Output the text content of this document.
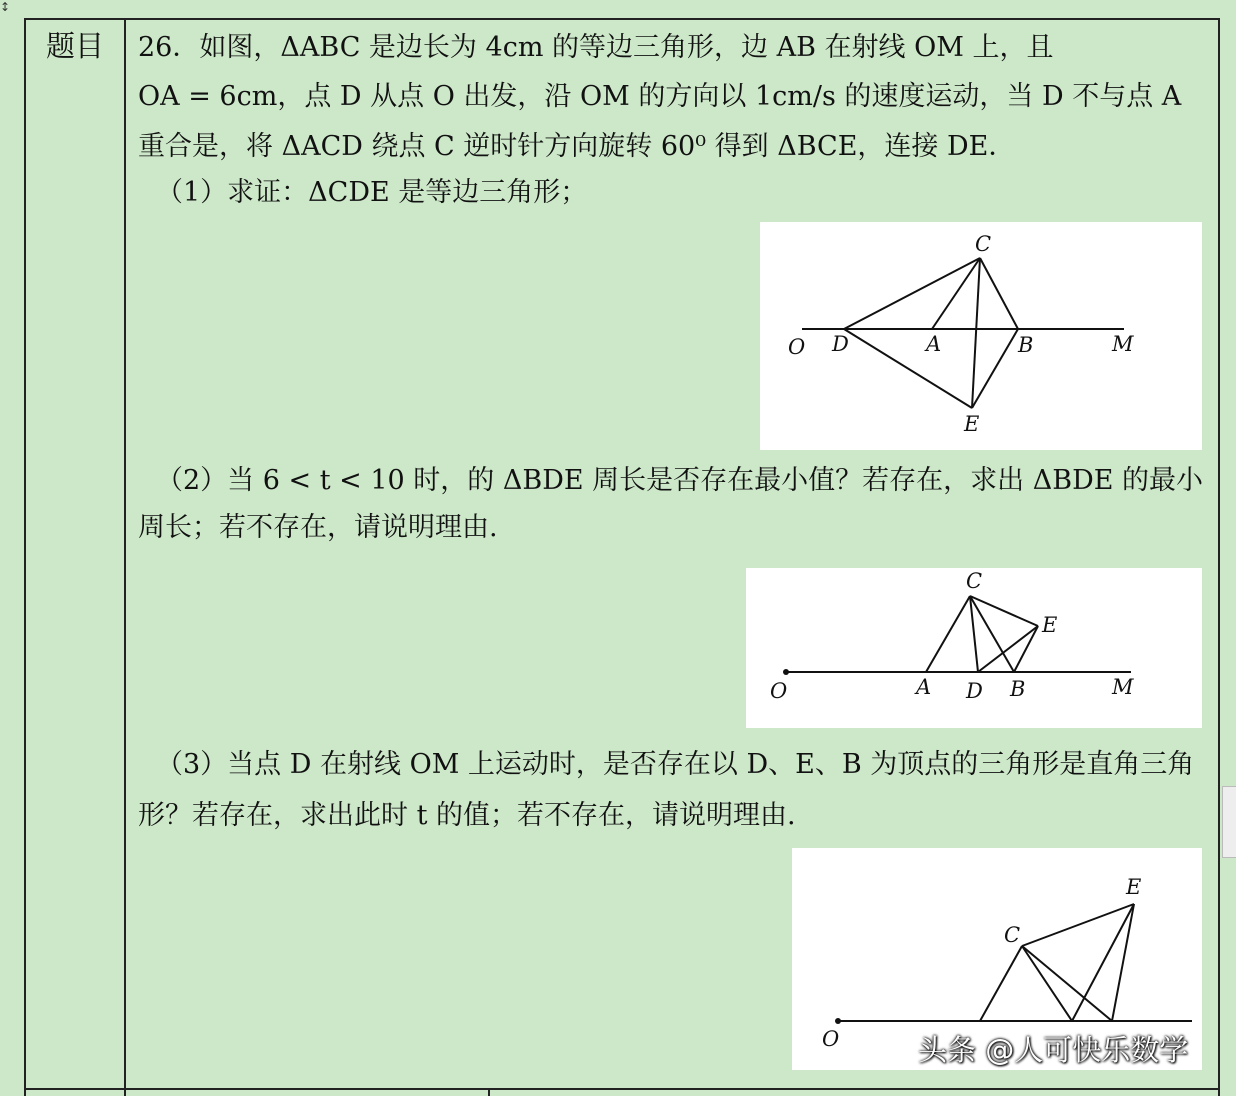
↕
题目	26．如图，ΔABC 是边长为 4cm 的等边三角形，边 AB 在射线 OM 上，且
OA = 6cm，点 D 从点 O 出发，沿 OM 的方向以 1cm/s 的速度运动，当 D 不与点 A
重合是，将 ΔACD 绕点 C 逆时针方向旋转 60⁰ 得到 ΔBCE，连接 DE．
（1）求证：ΔCDE 是等边三角形；
C
O D	A	B	M
E
（2）当 6 < t < 10 时，的 ΔBDE 周长是否存在最小值？若存在，求出 ΔBDE 的最小
周长；若不存在，请说明理由.
C
E
O	A D B	M
（3）当点 D 在射线 OM 上运动时，是否存在以 D、E、B 为顶点的三角形是直角三角
形？若存在，求出此时 t 的值；若不存在，请说明理由.
E
C
O	头条 @人可快乐数学
